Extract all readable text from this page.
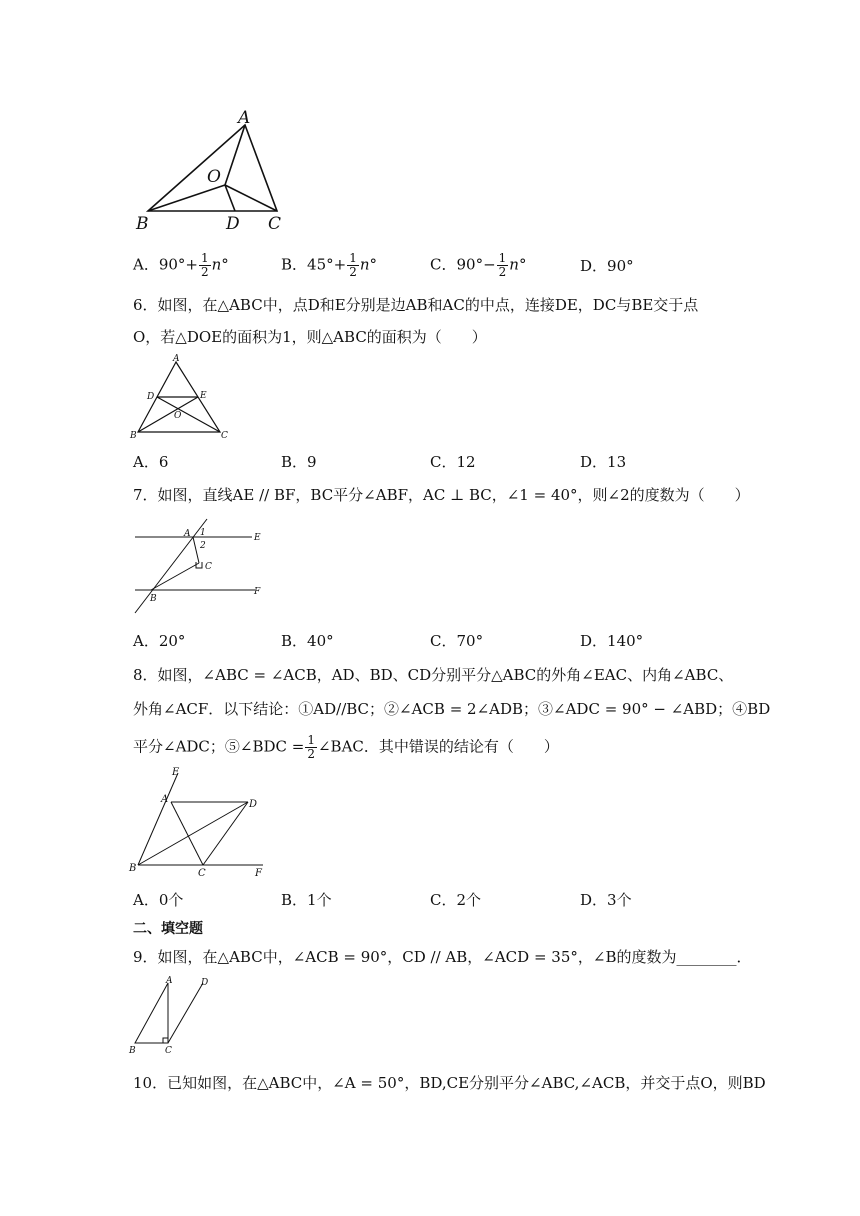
A
O
B	D C
A．$90^\circ+ \frac{1}{2} n^\circ$	B．$45^\circ+ \frac{1}{2} n^\circ$	C．$90^\circ- \frac{1}{2} n^\circ$	D．90°
6．如图，在△ABC中，点D和E分别是边AB和AC的中点，连接DE，DC与BE交于点
O，若△DOE的面积为1，则△ABC的面积为（　　）
A
D	E
O
B	C
A．6	B．9	C．12	D．13
7．如图，直线AE // BF，BC平分∠ABF，AC ⊥ BC，∠1 = 40°，则∠2的度数为（　　）
A 1
2
E
C
B
F
A．20°	B．40°	C．70°	D．140°
8．如图，∠ABC = ∠ACB，AD、BD、CD分别平分△ABC的外角∠EAC、内角∠ABC、
外角∠ACF．以下结论：①AD//BC；②∠ACB = 2∠ADB；③∠ADC = 90° − ∠ABD；④BD
平分∠ADC；⑤∠BDC = $\frac{1}{2}$ ∠BAC．其中错误的结论有（　　）
E
A	D
B	C	F
A．0个	B．1个	C．2个	D．3个
二、填空题
9．如图，在△ABC中，∠ACB = 90°，CD // AB，∠ACD = 35°，∠B的度数为________．
A	D
B	C
10．已知如图，在△ABC中，∠A = 50°，BD,CE分别平分∠ABC,∠ACB，并交于点O，则BD
